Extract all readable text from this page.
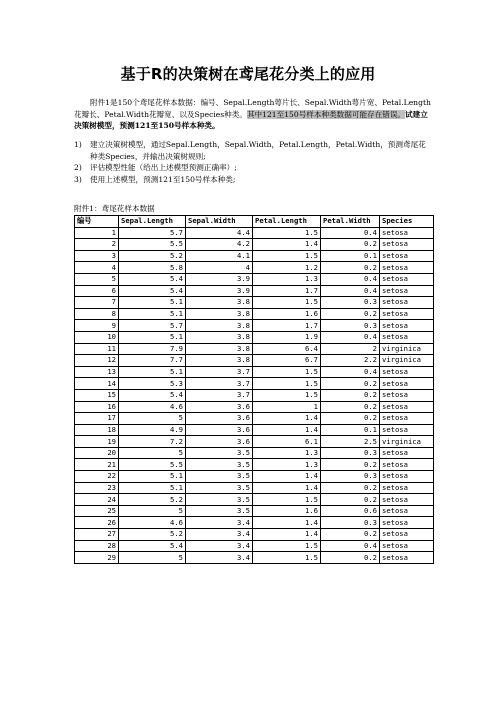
基于R的决策树在鸢尾花分类上的应用
附件1是150个鸢尾花样本数据：编号、Sepal.Length萼片长、Sepal.Width萼片宽、Petal.Length花瓣长、Petal.Width花瓣宽、以及Species种类。其中121至150号样本种类数据可能存在错误。试建立决策树模型，预测121至150号样本种类。
1) 建立决策树模型，通过Sepal.Length，Sepal.Width，Petal.Length，Petal.Width，预测鸢尾花种类Species，并输出决策树规则;
2) 评估模型性能（给出上述模型预测正确率）;
3) 使用上述模型，预测121至150号样本种类;
附件1：鸢尾花样本数据
编号	Sepal.Length	Sepal.Width	Petal.Length	Petal.Width	Species
1	5.7	4.4	1.5	0.4	setosa
2	5.5	4.2	1.4	0.2	setosa
3	5.2	4.1	1.5	0.1	setosa
4	5.8	4	1.2	0.2	setosa
5	5.4	3.9	1.3	0.4	setosa
6	5.4	3.9	1.7	0.4	setosa
7	5.1	3.8	1.5	0.3	setosa
8	5.1	3.8	1.6	0.2	setosa
9	5.7	3.8	1.7	0.3	setosa
10	5.1	3.8	1.9	0.4	setosa
11	7.9	3.8	6.4	2	virginica
12	7.7	3.8	6.7	2.2	virginica
13	5.1	3.7	1.5	0.4	setosa
14	5.3	3.7	1.5	0.2	setosa
15	5.4	3.7	1.5	0.2	setosa
16	4.6	3.6	1	0.2	setosa
17	5	3.6	1.4	0.2	setosa
18	4.9	3.6	1.4	0.1	setosa
19	7.2	3.6	6.1	2.5	virginica
20	5	3.5	1.3	0.3	setosa
21	5.5	3.5	1.3	0.2	setosa
22	5.1	3.5	1.4	0.3	setosa
23	5.1	3.5	1.4	0.2	setosa
24	5.2	3.5	1.5	0.2	setosa
25	5	3.5	1.6	0.6	setosa
26	4.6	3.4	1.4	0.3	setosa
27	5.2	3.4	1.4	0.2	setosa
28	5.4	3.4	1.5	0.4	setosa
29	5	3.4	1.5	0.2	setosa
